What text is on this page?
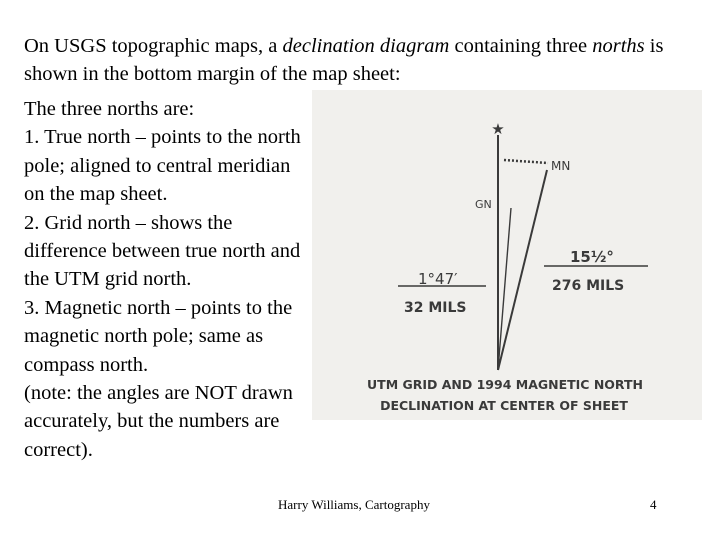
On USGS topographic maps, a declination diagram containing three norths is shown in the bottom margin of the map sheet:
The three norths are:
1. True north – points to the north pole; aligned to central meridian on the map sheet.
2. Grid north – shows the difference between true north and the UTM grid north.
3. Magnetic north – points to the magnetic north pole; same as compass north.
(note: the angles are NOT drawn accurately, but the numbers are correct).
★
MN
GN
1°47′
32 MILS
15½°
276 MILS
UTM GRID AND 1994 MAGNETIC NORTH
DECLINATION AT CENTER OF SHEET
Harry Williams, Cartography	4
